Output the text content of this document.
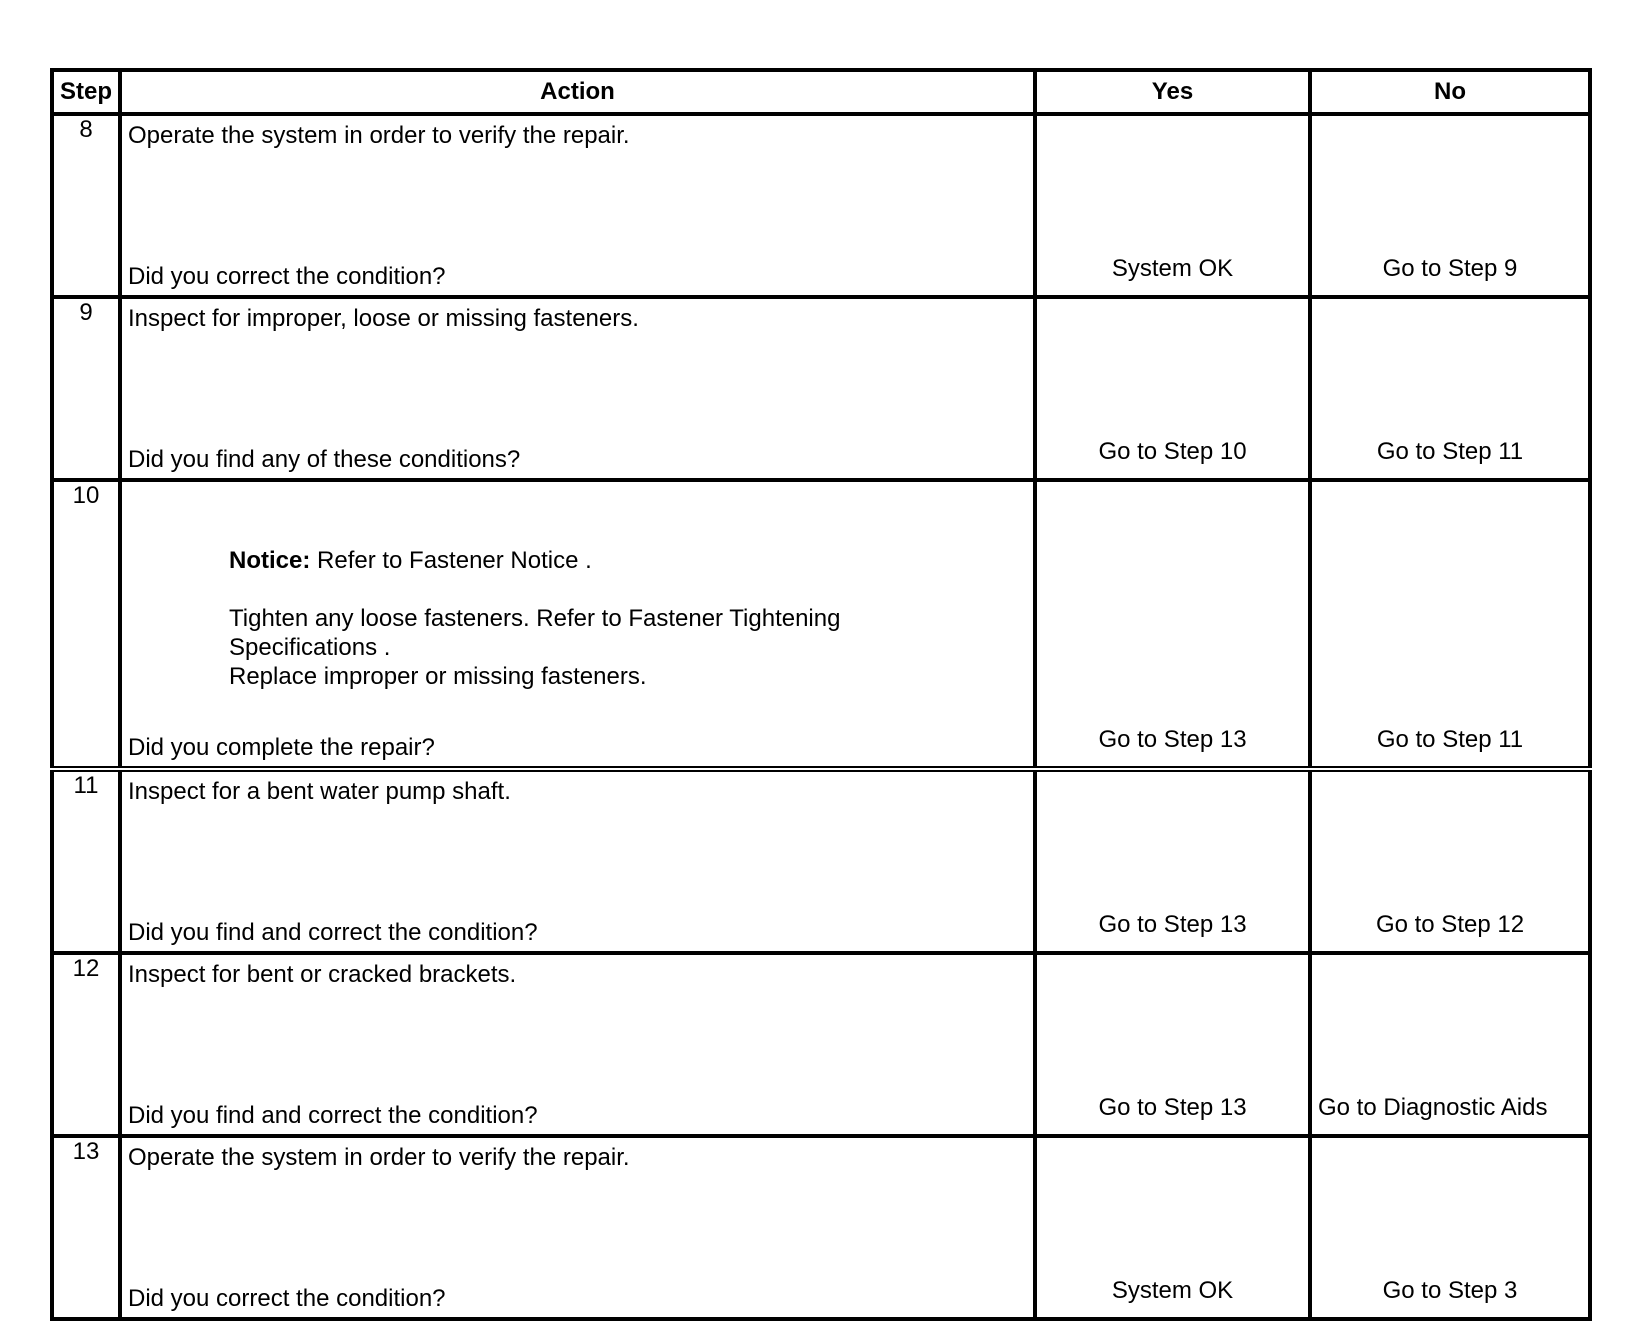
Step	Action	Yes	No
8	Operate the system in order to verify the repair.
Did you correct the condition?	System OK	Go to Step 9

9	Inspect for improper, loose or missing fasteners.
Did you find any of these conditions?	Go to Step 10	Go to Step 11

10	Notice: Refer to Fastener Notice .
Tighten any loose fasteners. Refer to Fastener Tightening Specifications .
Replace improper or missing fasteners.
Did you complete the repair?	Go to Step 13	Go to Step 11

11	Inspect for a bent water pump shaft.
Did you find and correct the condition?	Go to Step 13	Go to Step 12

12	Inspect for bent or cracked brackets.
Did you find and correct the condition?	Go to Step 13	Go to Diagnostic Aids

13	Operate the system in order to verify the repair.
Did you correct the condition?	System OK	Go to Step 3
